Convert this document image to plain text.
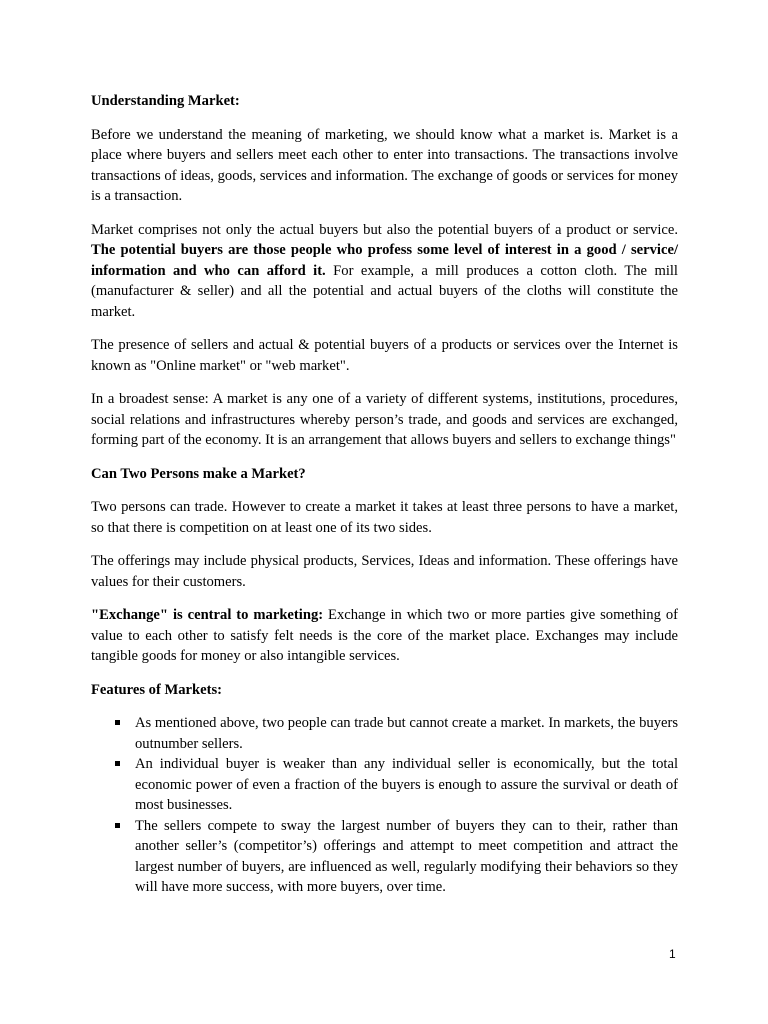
Understanding Market:

Before we understand the meaning of marketing, we should know what a market is. Market is a place where buyers and sellers meet each other to enter into transactions. The transactions involve transactions of ideas, goods, services and information. The exchange of goods or services for money is a transaction.

Market comprises not only the actual buyers but also the potential buyers of a product or service. The potential buyers are those people who profess some level of interest in a good / service/ information and who can afford it. For example, a mill produces a cotton cloth. The mill (manufacturer & seller) and all the potential and actual buyers of the cloths will constitute the market.

The presence of sellers and actual & potential buyers of a products or services over the Internet is known as "Online market" or "web market".

In a broadest sense: A market is any one of a variety of different systems, institutions, procedures, social relations and infrastructures whereby person’s trade, and goods and services are exchanged, forming part of the economy. It is an arrangement that allows buyers and sellers to exchange things"

Can Two Persons make a Market?

Two persons can trade. However to create a market it takes at least three persons to have a market, so that there is competition on at least one of its two sides.

The offerings may include physical products, Services, Ideas and information. These offerings have values for their customers.

"Exchange" is central to marketing: Exchange in which two or more parties give something of value to each other to satisfy felt needs is the core of the market place. Exchanges may include tangible goods for money or also intangible services.

Features of Markets:
As mentioned above, two people can trade but cannot create a market. In markets, the buyers outnumber sellers.
An individual buyer is weaker than any individual seller is economically, but the total economic power of even a fraction of the buyers is enough to assure the survival or death of most businesses.
The sellers compete to sway the largest number of buyers they can to their, rather than another seller’s (competitor’s) offerings and attempt to meet competition and attract the largest number of buyers, are influenced as well, regularly modifying their behaviors so they will have more success, with more buyers, over time.
1
